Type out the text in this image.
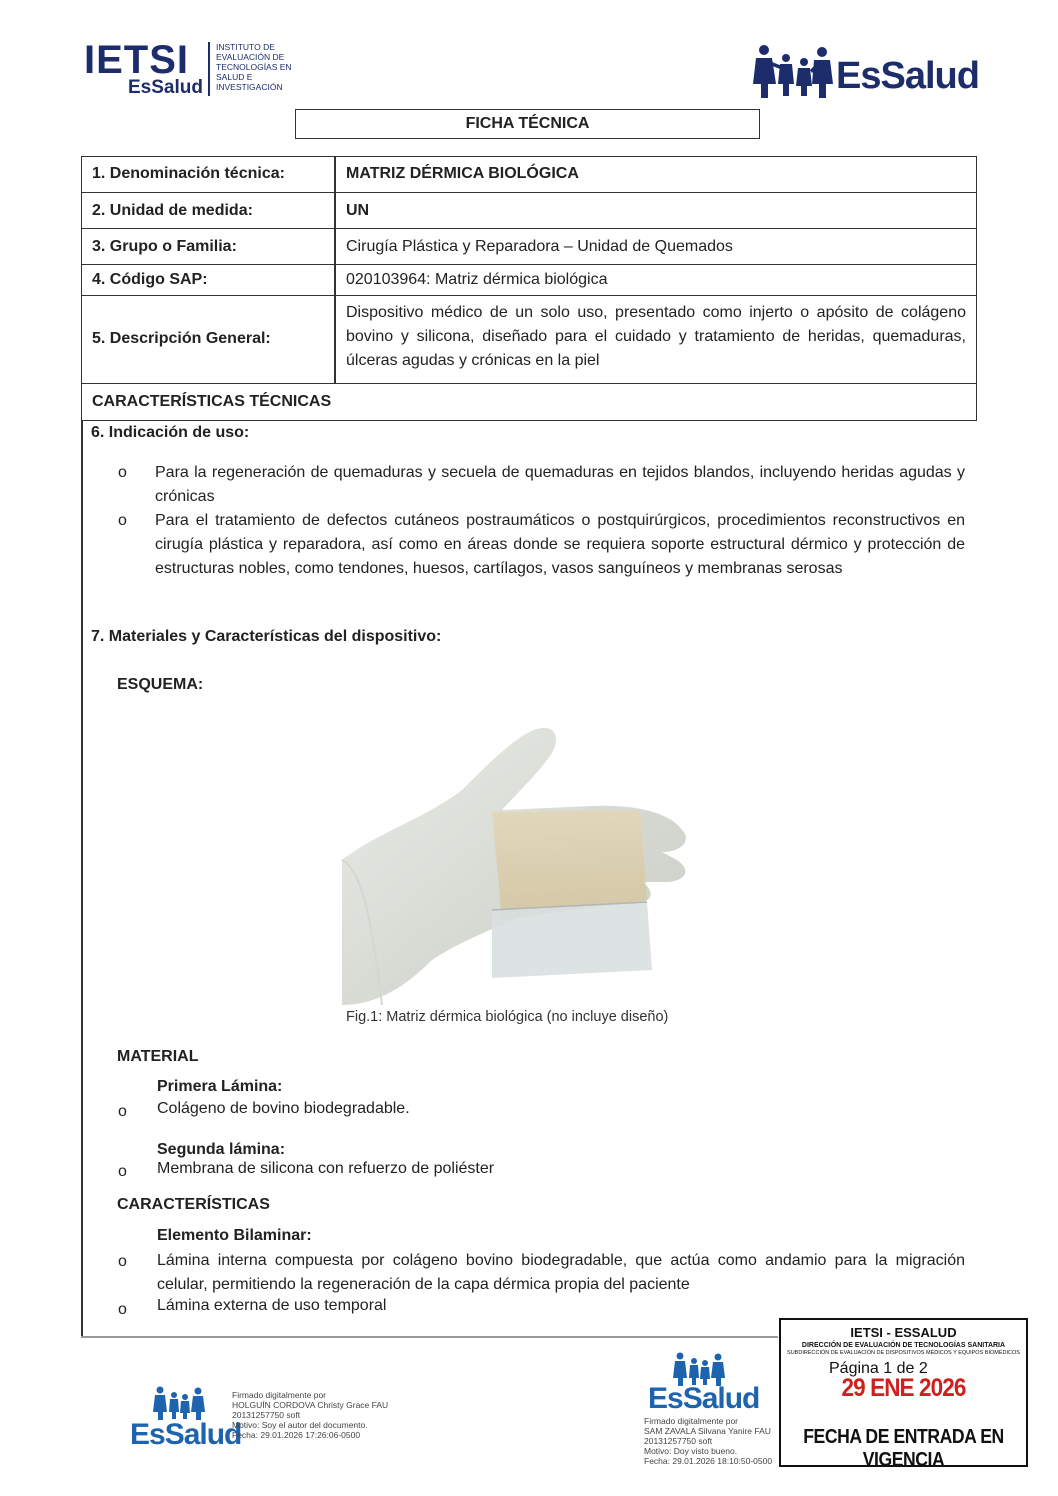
IETSI
EsSalud
INSTITUTO DE
EVALUACIÓN DE
TECNOLOGÍAS EN
SALUD E
INVESTIGACIÓN	EsSalud
FICHA TÉCNICA
1. Denominación técnica:	MATRIZ DÉRMICA BIOLÓGICA
2. Unidad de medida:	UN
3. Grupo o Familia:	Cirugía Plástica y Reparadora – Unidad de Quemados
4. Código SAP:	020103964: Matriz dérmica biológica
5. Descripción General:
Dispositivo médico de un solo uso, presentado como injerto o apósito de colágeno bovino y silicona, diseñado para el cuidado y tratamiento de heridas, quemaduras, úlceras agudas y crónicas en la piel
CARACTERÍSTICAS TÉCNICAS
6. Indicación de uso:
o Para la regeneración de quemaduras y secuela de quemaduras en tejidos blandos, incluyendo heridas agudas y crónicas
o Para el tratamiento de defectos cutáneos postraumáticos o postquirúrgicos, procedimientos reconstructivos en cirugía plástica y reparadora, así como en áreas donde se requiera soporte estructural dérmico y protección de estructuras nobles, como tendones, huesos, cartílagos, vasos sanguíneos y membranas serosas
7. Materiales y Características del dispositivo:
ESQUEMA:
Fig.1: Matriz dérmica biológica (no incluye diseño)
MATERIAL
Primera Lámina:
o Colágeno de bovino biodegradable.
Segunda lámina:
o Membrana de silicona con refuerzo de poliéster
CARACTERÍSTICAS
Elemento Bilaminar:
o Lámina interna compuesta por colágeno bovino biodegradable, que actúa como andamio para la migración celular, permitiendo la regeneración de la capa dérmica propia del paciente
o Lámina externa de uso temporal
EsSalud
Firmado digitalmente por
HOLGUÍN CORDOVA Christy Grace FAU
20131257750 soft
Motivo: Soy el autor del documento.
Fecha: 29.01.2026 17:26:06-0500
EsSalud
Firmado digitalmente por
SAM ZAVALA Silvana Yanire FAU
20131257750 soft
Motivo: Doy visto bueno.
Fecha: 29.01.2026 18:10:50-0500
IETSI - ESSALUD
DIRECCIÓN DE EVALUACIÓN DE TECNOLOGÍAS SANITARIA
SUBDIRECCIÓN DE EVALUACIÓN DE DISPOSITIVOS MÉDICOS Y EQUIPOS BIOMÉDICOS
Página 1 de 2
29 ENE 2026
FECHA DE ENTRADA EN VIGENCIA
